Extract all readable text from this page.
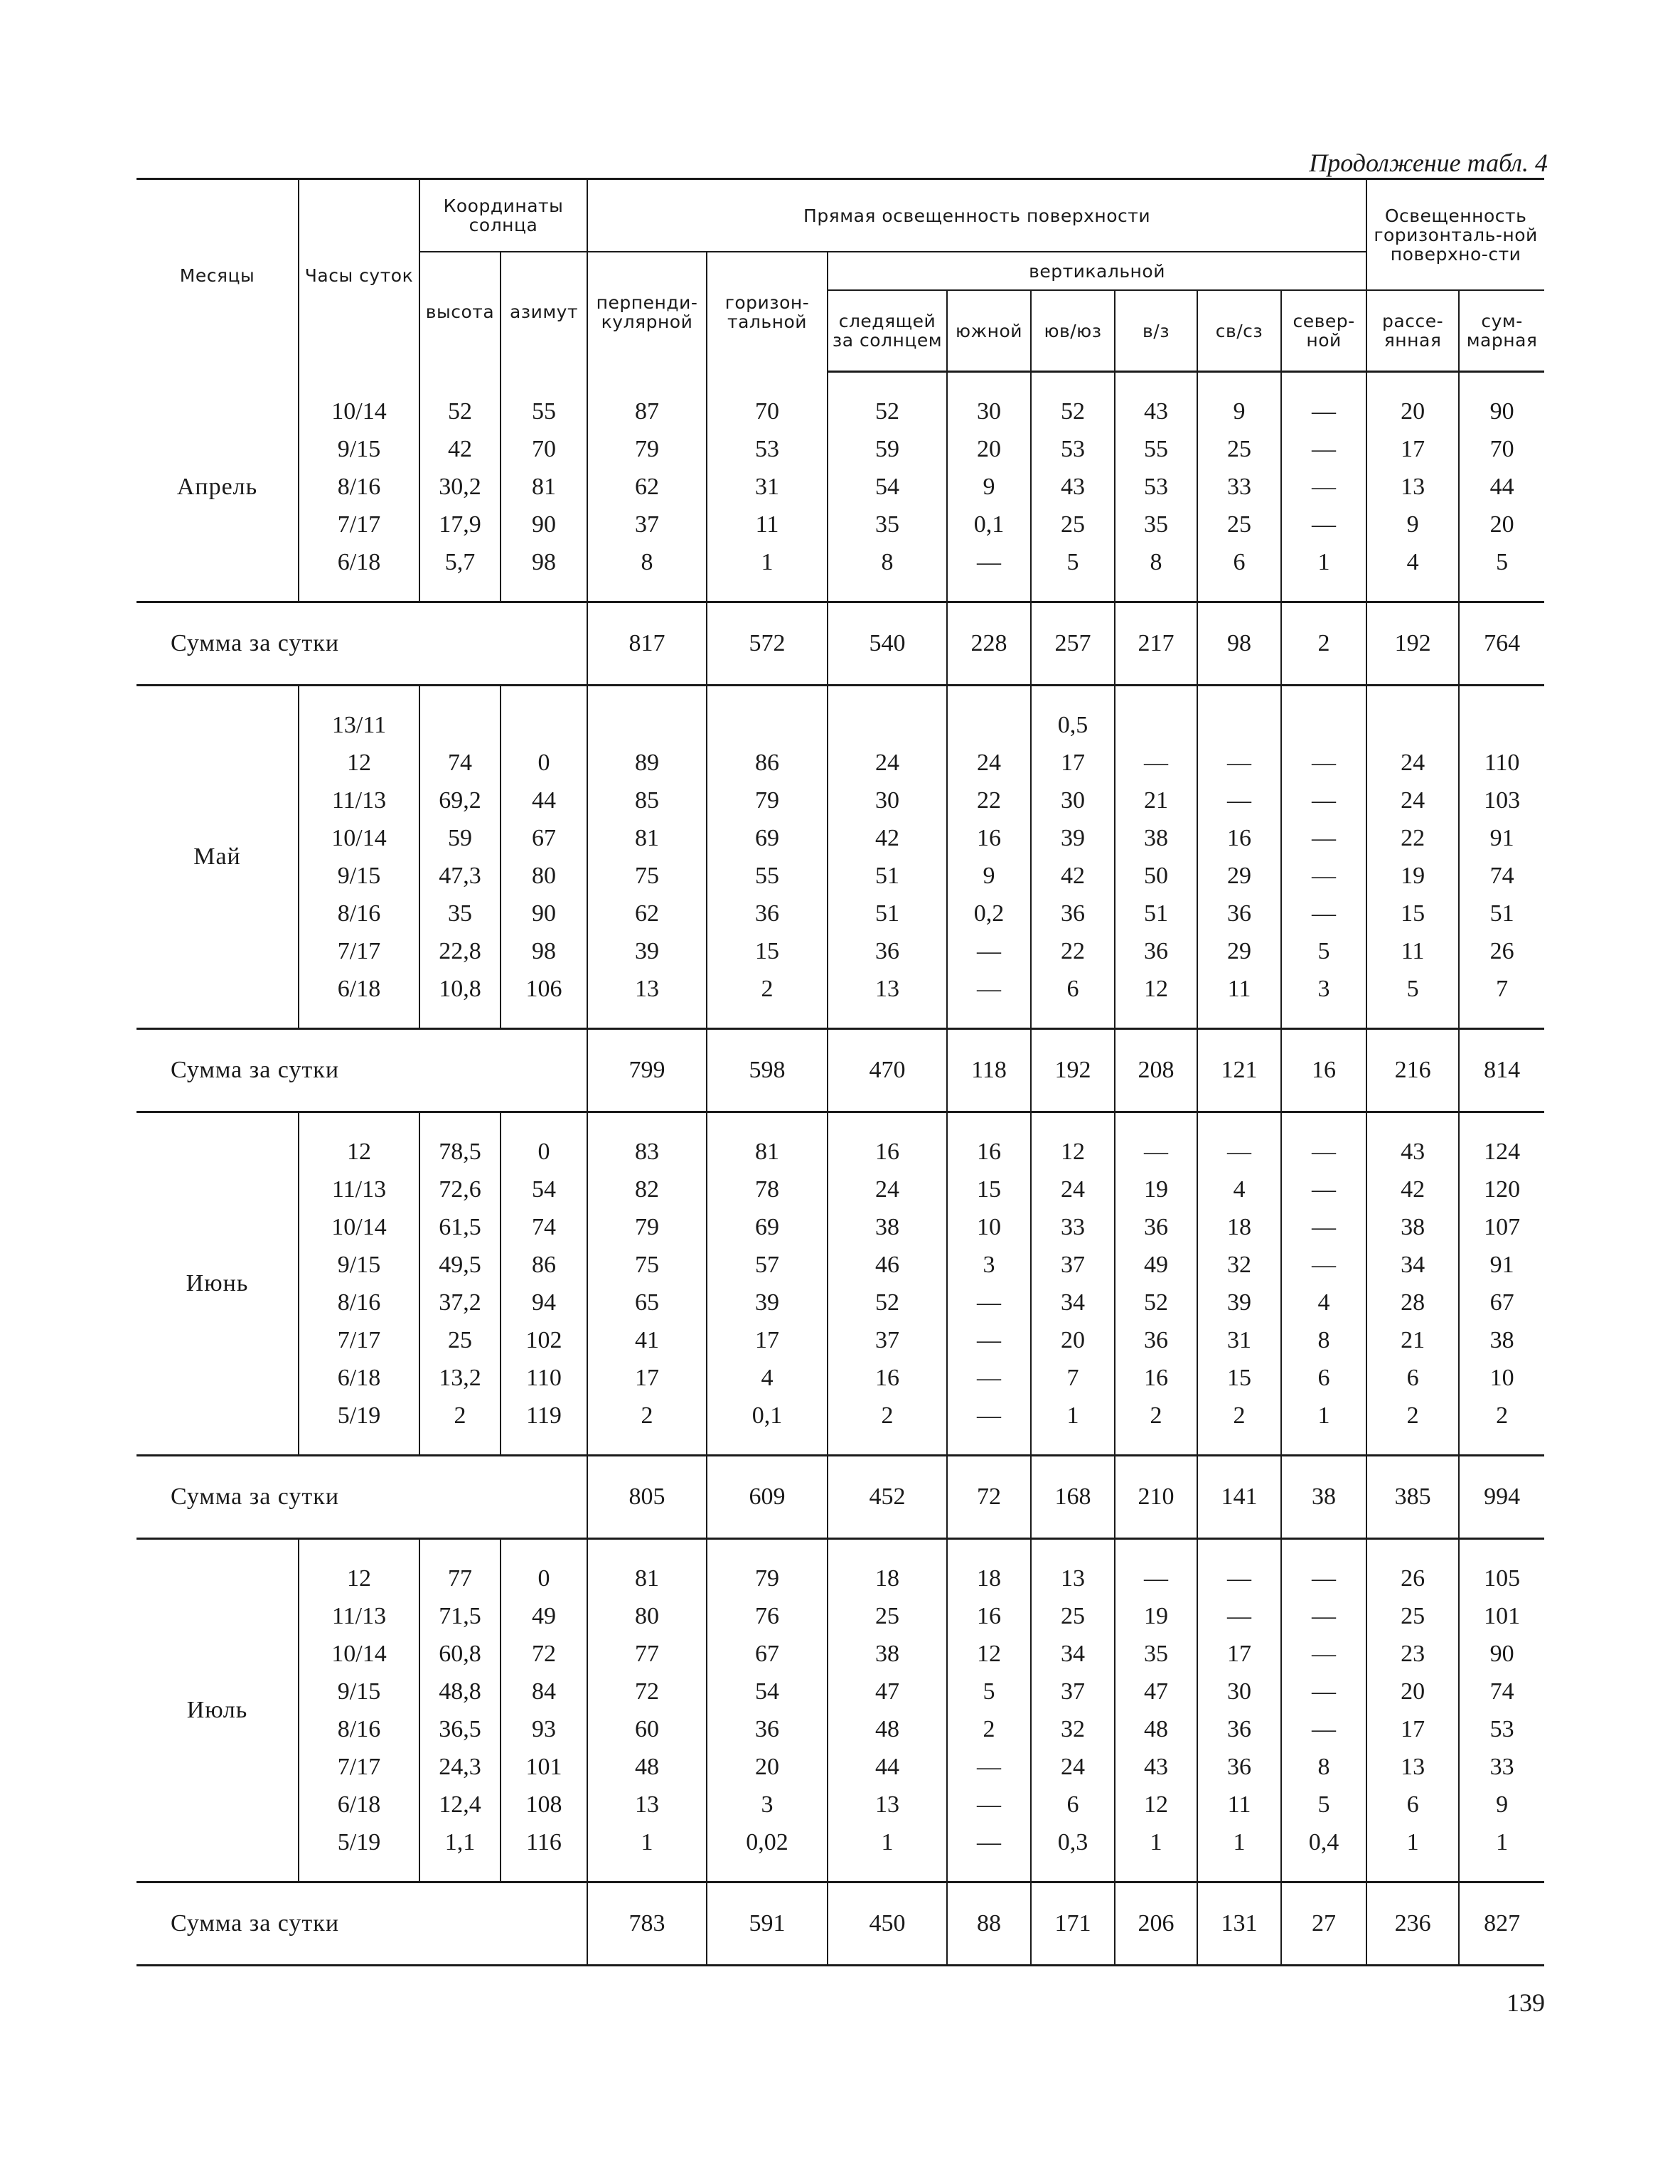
Продолжение табл. 4
Месяцы	Часы суток	Координаты солнца		Прямая освещенность поверхности								Освещенность горизонталь-ной поверхно-сти	
		высота	азимут	перпенди-кулярной	горизон-тальной	вертикальной							
						следящей за солнцем	южной	юв/юз	в/з	св/сз	север-ной	рассе-янная	сум-марная

Апрель	10/14	52	55	87	70	52	30	52	43	9	—	20	90
	9/15	42	70	79	53	59	20	53	55	25	—	17	70
	8/16	30,2	81	62	31	54	9	43	53	33	—	13	44
	7/17	17,9	90	37	11	35	0,1	25	35	25	—	9	20
	6/18	5,7	98	8	1	8	—	5	8	6	1	4	5

Сумма за сутки				817	572	540	228	257	217	98	2	192	764

Май	13/11							0,5					
	12	74	0	89	86	24	24	17	—	—	—	24	110
	11/13	69,2	44	85	79	30	22	30	21	—	—	24	103
	10/14	59	67	81	69	42	16	39	38	16	—	22	91
	9/15	47,3	80	75	55	51	9	42	50	29	—	19	74
	8/16	35	90	62	36	51	0,2	36	51	36	—	15	51
	7/17	22,8	98	39	15	36	—	22	36	29	5	11	26
	6/18	10,8	106	13	2	13	—	6	12	11	3	5	7

Сумма за сутки				799	598	470	118	192	208	121	16	216	814

Июнь	12	78,5	0	83	81	16	16	12	—	—	—	43	124
	11/13	72,6	54	82	78	24	15	24	19	4	—	42	120
	10/14	61,5	74	79	69	38	10	33	36	18	—	38	107
	9/15	49,5	86	75	57	46	3	37	49	32	—	34	91
	8/16	37,2	94	65	39	52	—	34	52	39	4	28	67
	7/17	25	102	41	17	37	—	20	36	31	8	21	38
	6/18	13,2	110	17	4	16	—	7	16	15	6	6	10
	5/19	2	119	2	0,1	2	—	1	2	2	1	2	2

Сумма за сутки				805	609	452	72	168	210	141	38	385	994

Июль	12	77	0	81	79	18	18	13	—	—	—	26	105
	11/13	71,5	49	80	76	25	16	25	19	—	—	25	101
	10/14	60,8	72	77	67	38	12	34	35	17	—	23	90
	9/15	48,8	84	72	54	47	5	37	47	30	—	20	74
	8/16	36,5	93	60	36	48	2	32	48	36	—	17	53
	7/17	24,3	101	48	20	44	—	24	43	36	8	13	33
	6/18	12,4	108	13	3	13	—	6	12	11	5	6	9
	5/19	1,1	116	1	0,02	1	—	0,3	1	1	0,4	1	1

Сумма за сутки				783	591	450	88	171	206	131	27	236	827
139
